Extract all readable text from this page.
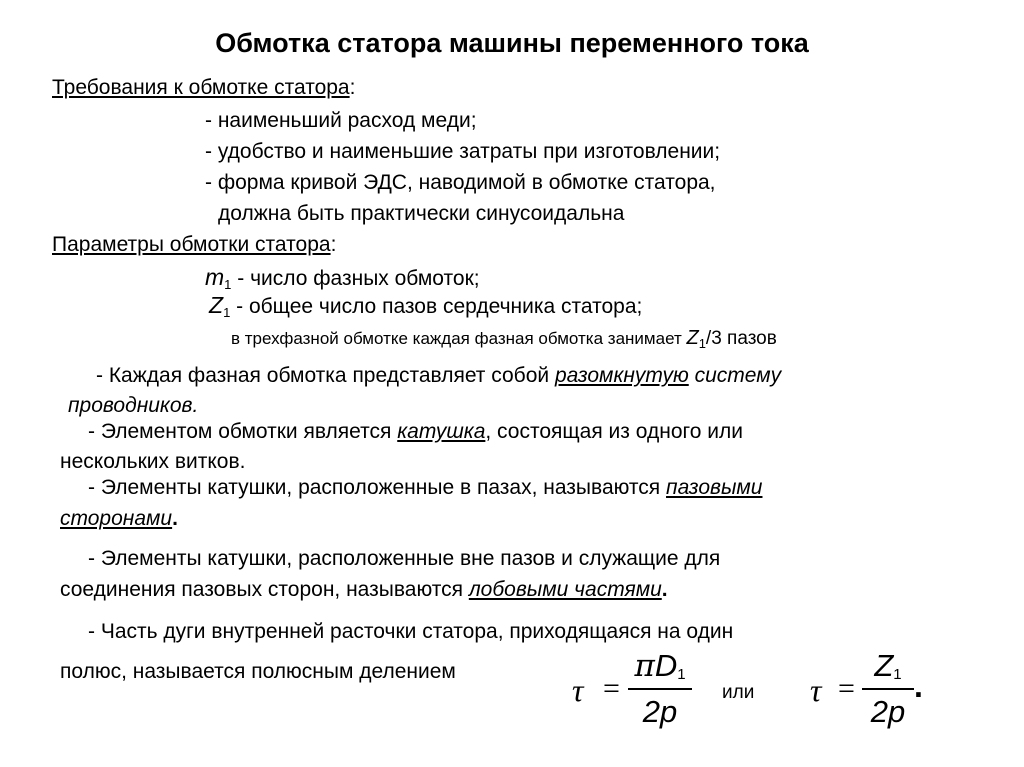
Обмотка статора машины переменного тока
Требования к обмотке статора:
- наименьший расход меди;
- удобство и наименьшие затраты при изготовлении;
- форма кривой ЭДС, наводимой в обмотке статора,
должна быть практически синусоидальна
Параметры обмотки статора:
$m_1$ - число фазных обмоток;
$Z_1$ - общее число пазов сердечника статора;
в трехфазной обмотке каждая фазная обмотка занимает $Z_1/3$ пазов
- Каждая фазная обмотка представляет собой разомкнутую системy
проводников.
- Элементом обмотки является катушка, состоящая из одного или
нескольких витков.
- Элементы катушки, расположенные в пазах, называются пазовыми
сторонами.
- Элементы катушки, расположенные вне пазов и служащие для
соединения пазовых сторон, называются лобовыми частями.
- Часть дуги внутренней расточки статора, приходящаяся на один
полюс, называется полюсным делением
τ =
πD1
2p
или τ =
Z1
2p
.
